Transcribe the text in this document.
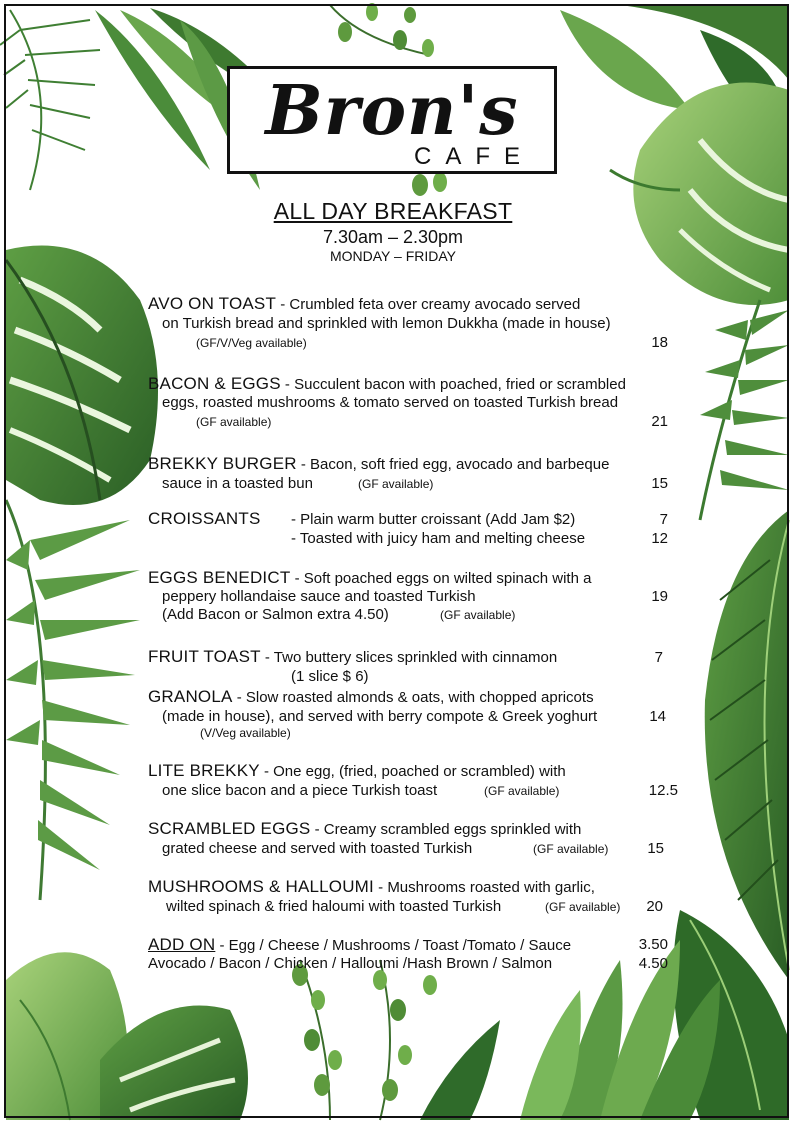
Bron's
CAFE
ALL DAY BREAKFAST
7.30am – 2.30pm
MONDAY – FRIDAY
AVO ON TOAST - Crumbled feta over creamy avocado served
on Turkish bread and sprinkled with lemon Dukkha (made in house)
(GF/V/Veg available)	18
BACON & EGGS - Succulent bacon with poached, fried or scrambled
eggs, roasted mushrooms & tomato served on toasted Turkish bread
(GF available)	21
BREKKY BURGER - Bacon, soft fried egg, avocado and barbeque
sauce in a toasted bun	(GF available)	15
CROISSANTS - Plain warm butter croissant (Add Jam $2)	7
- Toasted with juicy ham and melting cheese	12
EGGS BENEDICT - Soft poached eggs on wilted spinach with a
peppery hollandaise sauce and toasted Turkish	19
(Add Bacon or Salmon extra 4.50)	(GF available)
FRUIT TOAST - Two buttery slices sprinkled with cinnamon	7
(1 slice $ 6)
GRANOLA - Slow roasted almonds & oats, with chopped apricots
(made in house), and served with berry compote & Greek yoghurt	14
(V/Veg available)
LITE BREKKY - One egg, (fried, poached or scrambled) with
one slice bacon and a piece Turkish toast	(GF available)	12.5
SCRAMBLED EGGS - Creamy scrambled eggs sprinkled with
grated cheese and served with toasted Turkish	(GF available)	15
MUSHROOMS & HALLOUMI - Mushrooms roasted with garlic,
wilted spinach & fried haloumi with toasted Turkish	(GF available)	20
ADD ON - Egg / Cheese / Mushrooms / Toast /Tomato / Sauce	3.50
Avocado / Bacon / Chicken / Halloumi /Hash Brown / Salmon	4.50
